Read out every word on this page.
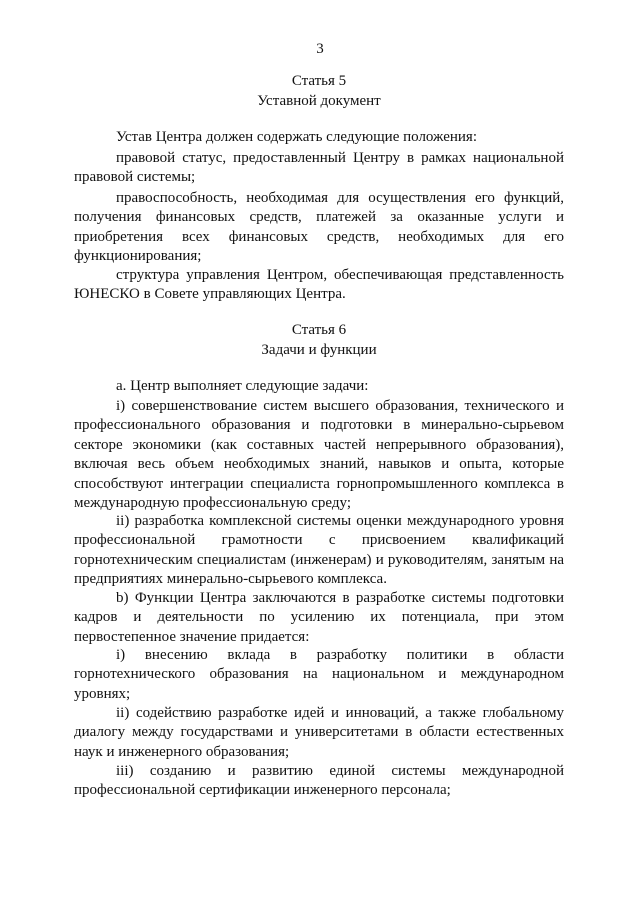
3
Статья 5
Уставной документ

Устав Центра должен содержать следующие положения:

правовой статус, предоставленный Центру в рамках национальной правовой системы;

правоспособность, необходимая для осуществления его функций, получения финансовых средств, платежей за оказанные услуги и приобретения всех финансовых средств, необходимых для его функционирования;

структура управления Центром, обеспечивающая представленность ЮНЕСКО в Совете управляющих Центра.

Статья 6
Задачи и функции

a. Центр выполняет следующие задачи:

i) совершенствование систем высшего образования, технического и профессионального образования и подготовки в минерально-сырьевом секторе экономики (как составных частей непрерывного образования), включая весь объем необходимых знаний, навыков и опыта, которые способствуют интеграции специалиста горнопромышленного комплекса в международную профессиональную среду;

ii) разработка комплексной системы оценки международного уровня профессиональной грамотности с присвоением квалификаций горнотехническим специалистам (инженерам) и руководителям, занятым на предприятиях минерально-сырьевого комплекса.

b) Функции Центра заключаются в разработке системы подготовки кадров и деятельности по усилению их потенциала, при этом первостепенное значение придается:

i) внесению вклада в разработку политики в области горнотехнического образования на национальном и международном уровнях;

ii) содействию разработке идей и инноваций, а также глобальному диалогу между государствами и университетами в области естественных наук и инженерного образования;

iii) созданию и развитию единой системы международной профессиональной сертификации инженерного персонала;
